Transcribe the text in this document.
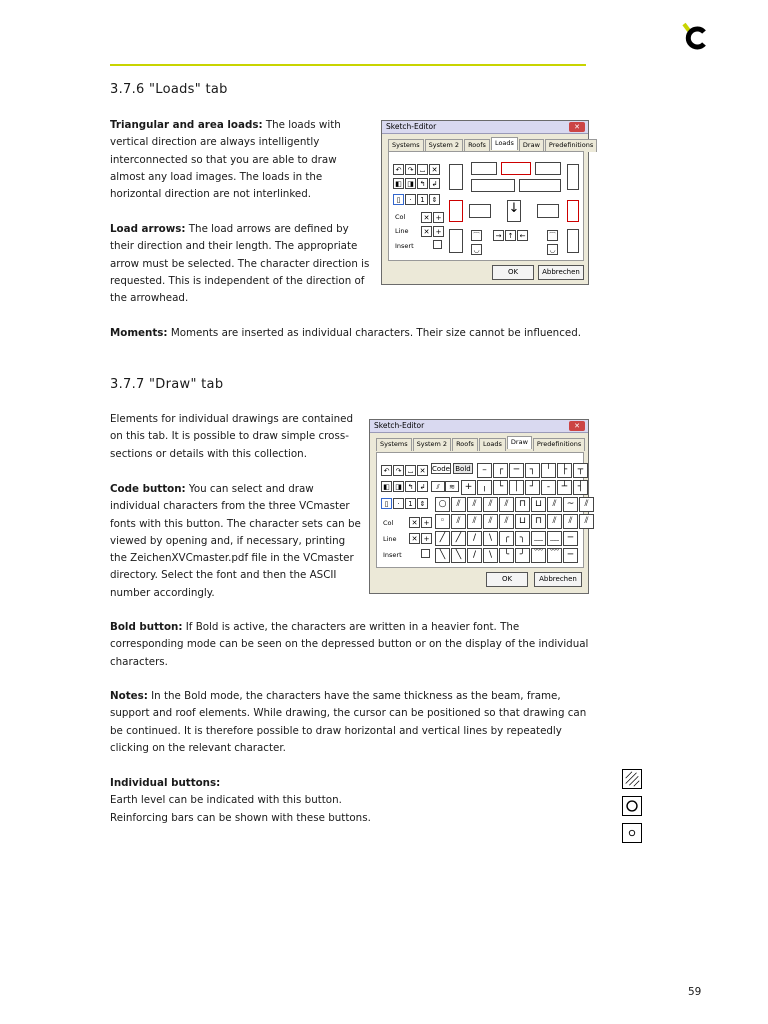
3.7.6 "Loads" tab

Triangular and area loads: The loads with vertical direction are always intelligently interconnected so that you are able to draw almost any load images. The loads in the horizontal direction are not interlinked.

Load arrows: The load arrows are defined by their direction and their length. The appropriate arrow must be selected. The character direction is requested. This is independent of the direction of the arrowhead.

Moments: Moments are inserted as individual characters. Their size cannot be influenced.

Sketch-Editor	✕
Systems	System 2	Roofs	Loads	Draw	Predefinitions
↶ ↷ ⌴ ✕
◧ ◨ ↰ ↲
▯	·	1 ⇕
Col	✕ +
Line	✕ +
Insert
↓
⌒
◡
→ ↑ ←	⌒
◡
OK	Abbrechen
3.7.7 "Draw" tab

Elements for individual drawings are contained on this tab. It is possible to draw simple cross-sections or details with this collection.

Code button: You can select and draw individual characters from the three VCmaster fonts with this button. The character sets can be viewed by opening and, if necessary, printing the ZeichenXVCmaster.pdf file in the VCmaster directory. Select the font and then the ASCII number accordingly.

Bold button: If Bold is active, the characters are written in a heavier font. The corresponding mode can be seen on the depressed button or on the display of the individual characters.

Notes: In the Bold mode, the characters have the same thickness as the beam, frame, support and roof elements. While drawing, the cursor can be positioned so that drawing can be continued. It is therefore possible to draw horizontal and vertical lines by repeatedly clicking on the relevant character.

Individual buttons:
Earth level can be indicated with this button.
Reinforcing bars can be shown with these buttons.

Sketch-Editor	✕
Systems	System 2	Roofs	Loads	Draw	Predefinitions
↶ ↷ ⌴ ✕ Code Bold
◧ ◨ ↰ ↲	⫽	≋
▯	·	1 ⇕
Col	✕ +
Line	✕ +
Insert
–	┌	─	┐	╵	├	┬
+	╷	└	│	┘	-	┴	┤
○	⫽	⫽	⫽	⫽	⊓ ⊔	⫽	~	⫽
◦	⫽	⫽	⫽	⫽	⊔ ⊓	⫽	⫽	⫽
╱	╱	/	\	╭	╮ ﹏ ﹏ ─
╲	╲	/	\	╰	╯ ﹋ ﹋ ─
OK	Abbrechen
59
